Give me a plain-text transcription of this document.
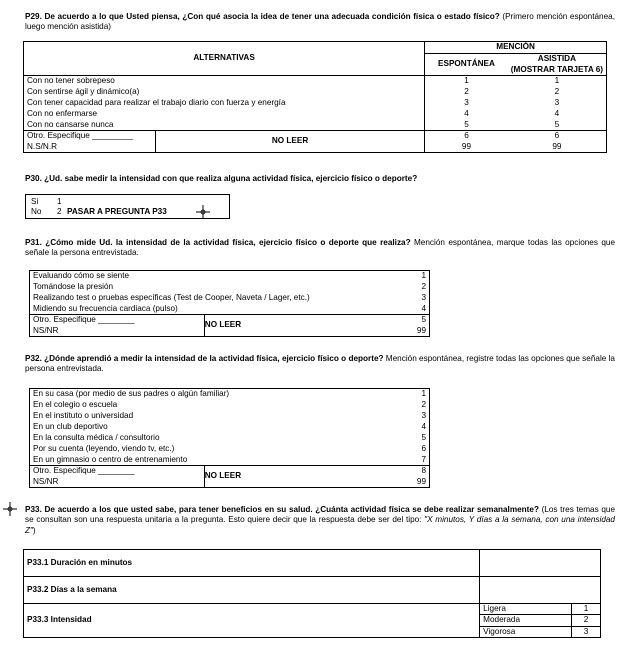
P29. De acuerdo a lo que Usted piensa, ¿Con qué asocia la idea de tener una adecuada condición física o estado físico? (Primero mención espontánea, luego mención asistida)
ALTERNATIVAS		MENCIÓN	
		ESPONTÁNEA	ASISTIDA
			(MOSTRAR TARJETA 6)
Con no tener sobrepeso		1	1
Con sentirse ágil y dinámico(a)		2	2
Con tener capacidad para realizar el trabajo diario con fuerza y energía		3	3
Con no enfermarse		4	4
Con no cansarse nunca		5	5
Otro. Especifique _________	NO LEER	6	6
N.S/N.R		99	99
P30. ¿Ud. sabe medir la intensidad con que realiza alguna actividad física, ejercicio físico o deporte?
Si	1
No	2 PASAR A PREGUNTA P33
P31. ¿Cómo mide Ud. la intensidad de la actividad física, ejercicio físico o deporte que realiza? Mención espontánea, marque todas las opciones que señale la persona entrevistada.
Evaluando cómo se siente		1
Tomándose la presión		2
Realizando test o pruebas específicas (Test de Cooper, Naveta / Lager, etc.)		3
Midiendo su frecuencia cardiaca (pulso)		4
Otro. Especifique ________	NO LEER	5
NS/NR		99
P32. ¿Dónde aprendió a medir la intensidad de la actividad física, ejercicio físico o deporte? Mención espontánea, registre todas las opciones que señale la persona entrevistada.
En su casa (por medio de sus padres o algún familiar)		1
En el colegio o escuela		2
En el instituto o universidad		3
En un club deportivo		4
En la consulta médica / consultorio		5
Por su cuenta (leyendo, viendo tv, etc.)		6
En un gimnasio o centro de entrenamiento		7
Otro. Especifique ________	NO LEER	8
NS/NR		99
P33. De acuerdo a los que usted sabe, para tener beneficios en su salud. ¿Cuánta actividad física se debe realizar semanalmente? (Los tres temas que se consultan son una respuesta unitaria a la pregunta. Esto quiere decir que la respuesta debe ser del tipo: "X minutos, Y días a la semana, con una intensidad Z")
P33.1 Duración en minutos		
P33.2 Días a la semana		
P33.3 Intensidad	Ligera	1
	Moderada	2
	Vigorosa	3
